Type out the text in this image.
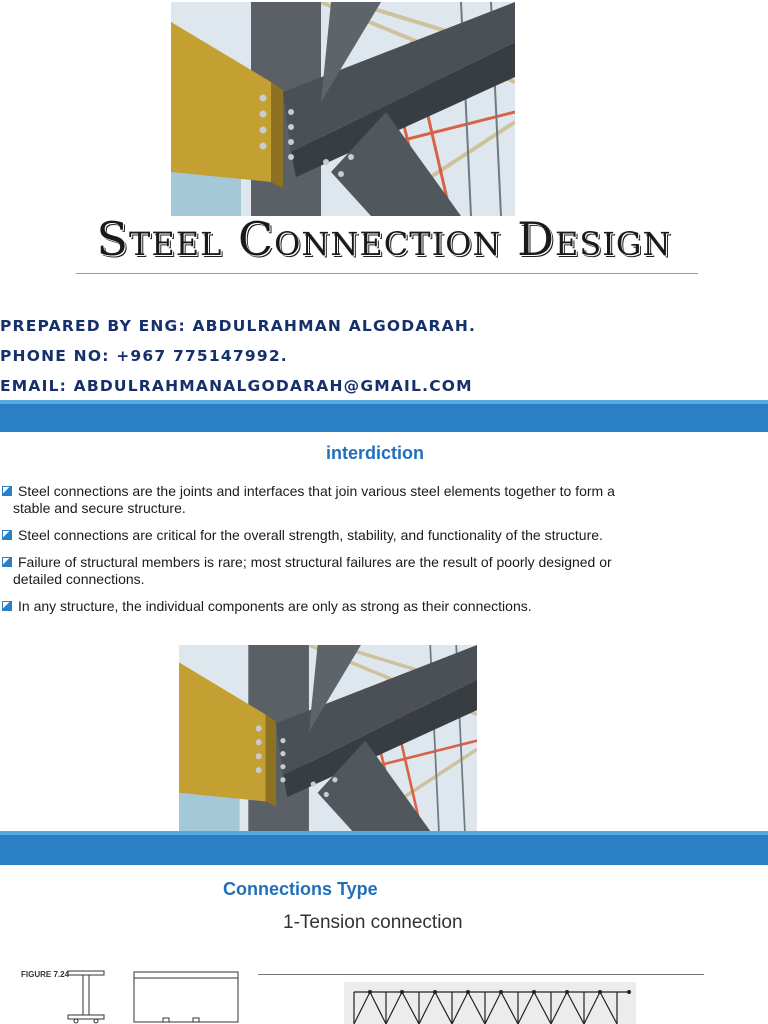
Steel Connection Design
PREPARED BY ENG: ABDULRAHMAN ALGODARAH.
PHONE NO: +967 775147992.
EMAIL: ABDULRAHMANALGODARAH@GMAIL.COM
interdiction
Steel connections are the joints and interfaces that join various steel elements together to form a
stable and secure structure.
Steel connections are critical for the overall strength, stability, and functionality of the structure.
Failure of structural members is rare; most structural failures are the result of poorly designed or
detailed connections.
In any structure, the individual components are only as strong as their connections.
Connections Type
1-Tension connection
FIGURE 7.24
